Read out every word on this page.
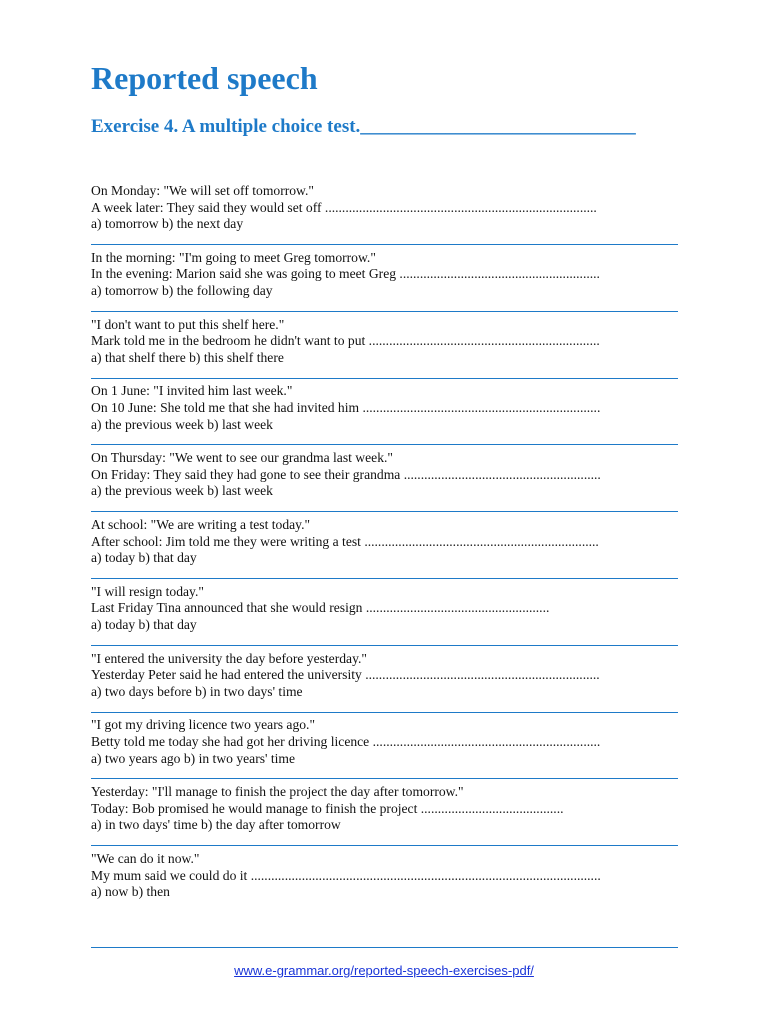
Reported speech
Exercise 4. A multiple choice test._____________________________
On Monday: "We will set off tomorrow."
A week later: They said they would set off ................................................................................
a) tomorrow b) the next day
In the morning: "I'm going to meet Greg tomorrow."
In the evening: Marion said she was going to meet Greg ...........................................................
a) tomorrow b) the following day
"I don't want to put this shelf here."
Mark told me in the bedroom he didn't want to put ....................................................................
a) that shelf there b) this shelf there
On 1 June: "I invited him last week."
On 10 June: She told me that she had invited him ......................................................................
a) the previous week b) last week
On Thursday: "We went to see our grandma last week."
On Friday: They said they had gone to see their grandma ..........................................................
a) the previous week b) last week
At school: "We are writing a test today."
After school: Jim told me they were writing a test .....................................................................
a) today b) that day
"I will resign today."
Last Friday Tina announced that she would resign ......................................................
a) today b) that day
"I entered the university the day before yesterday."
Yesterday Peter said he had entered the university .....................................................................
a) two days before b) in two days' time
"I got my driving licence two years ago."
Betty told me today she had got her driving licence ...................................................................
a) two years ago b) in two years' time
Yesterday: "I'll manage to finish the project the day after tomorrow."
Today: Bob promised he would manage to finish the project ..........................................
a) in two days' time b) the day after tomorrow
"We can do it now."
My mum said we could do it .......................................................................................................
a) now b) then
www.e-grammar.org/reported-speech-exercises-pdf/
